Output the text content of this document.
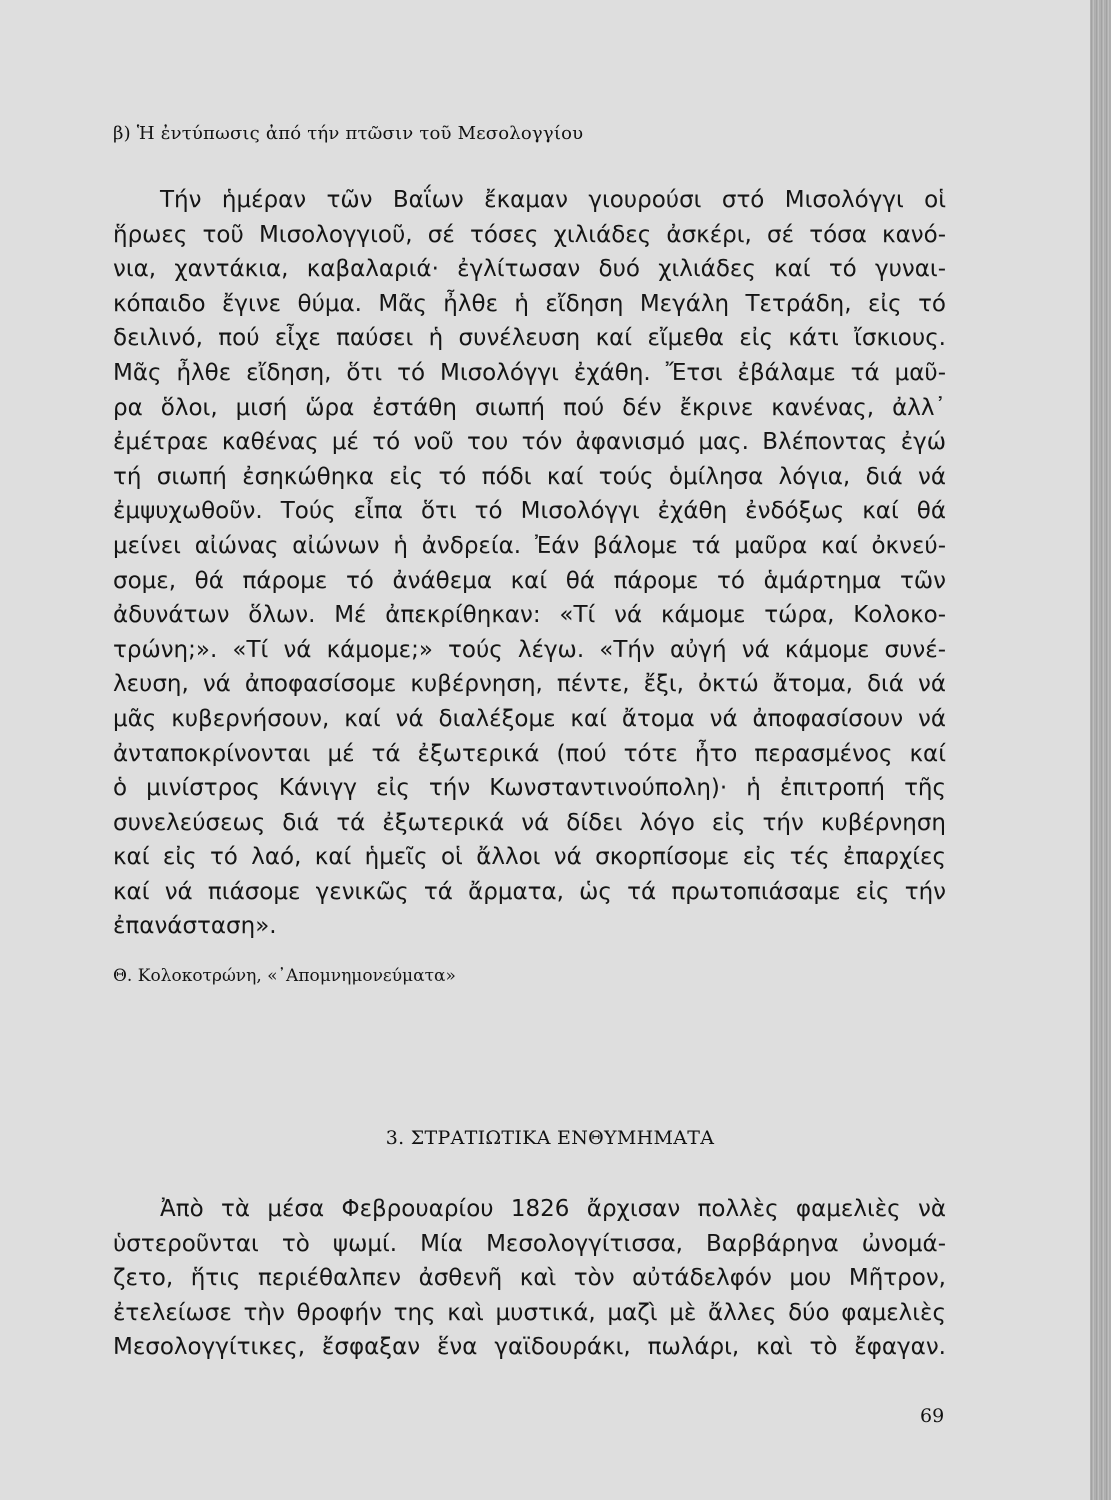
β) Ἡ ἐντύπωσις ἀπό τήν πτῶσιν τοῦ Μεσολογγίου
Τήν ἡμέραν τῶν Βαΐων ἔκαμαν γιουρούσι στό Μισολόγγι οἱ
ἥρωες τοῦ Μισολογγιοῦ, σέ τόσες χιλιάδες ἀσκέρι, σέ τόσα κανό-
νια, χαντάκια, καβαλαριά· ἐγλίτωσαν δυό χιλιάδες καί τό γυναι-
κόπαιδο ἔγινε θύμα. Μᾶς ἦλθε ἡ εἴδηση Μεγάλη Τετράδη, εἰς τό
δειλινό, πού εἶχε παύσει ἡ συνέλευση καί εἴμεθα εἰς κάτι ἴσκιους.
Μᾶς ἦλθε εἴδηση, ὅτι τό Μισολόγγι ἐχάθη. Ἔτσι ἐβάλαμε τά μαῦ-
ρα ὅλοι, μισή ὥρα ἐστάθη σιωπή πού δέν ἔκρινε κανένας, ἀλλ᾽
ἐμέτραε καθένας μέ τό νοῦ του τόν ἀφανισμό μας. Βλέποντας ἐγώ
τή σιωπή ἐσηκώθηκα εἰς τό πόδι καί τούς ὁμίλησα λόγια, διά νά
ἐμψυχωθοῦν. Τούς εἶπα ὅτι τό Μισολόγγι ἐχάθη ἐνδόξως καί θά
μείνει αἰώνας αἰώνων ἡ ἀνδρεία. Ἐάν βάλομε τά μαῦρα καί ὀκνεύ-
σομε, θά πάρομε τό ἀνάθεμα καί θά πάρομε τό ἁμάρτημα τῶν
ἀδυνάτων ὅλων. Μέ ἀπεκρίθηκαν: «Τί νά κάμομε τώρα, Κολοκο-
τρώνη;». «Τί νά κάμομε;» τούς λέγω. «Τήν αὐγή νά κάμομε συνέ-
λευση, νά ἀποφασίσομε κυβέρνηση, πέντε, ἔξι, ὀκτώ ἄτομα, διά νά
μᾶς κυβερνήσουν, καί νά διαλέξομε καί ἄτομα νά ἀποφασίσουν νά
ἀνταποκρίνονται μέ τά ἐξωτερικά (πού τότε ἦτο περασμένος καί
ὁ μινίστρος Κάνιγγ εἰς τήν Κωνσταντινούπολη)· ἡ ἐπιτροπή τῆς
συνελεύσεως διά τά ἐξωτερικά νά δίδει λόγο εἰς τήν κυβέρνηση
καί εἰς τό λαό, καί ἡμεῖς οἱ ἄλλοι νά σκορπίσομε εἰς τές ἐπαρχίες
καί νά πιάσομε γενικῶς τά ἄρματα, ὡς τά πρωτοπιάσαμε εἰς τήν
ἐπανάσταση».
Θ. Κολοκοτρώνη, «᾽Απομνημονεύματα»
3. ΣΤΡΑΤΙΩΤΙΚΑ ΕΝΘΥΜΗΜΑΤΑ
Ἀπὸ τὰ μέσα Φεβρουαρίου 1826 ἄρχισαν πολλὲς φαμελιὲς νὰ
ὑστεροῦνται τὸ ψωμί. Μία Μεσολογγίτισσα, Βαρβάρηνα ὠνομά-
ζετο, ἥτις περιέθαλπεν ἀσθενῆ καὶ τὸν αὐτάδελφόν μου Μῆτρον,
ἐτελείωσε τὴν θροφήν της καὶ μυστικά, μαζὶ μὲ ἄλλες δύο φαμελιὲς
Μεσολογγίτικες, ἔσφαξαν ἕνα γαϊδουράκι, πωλάρι, καὶ τὸ ἔφαγαν.
69
